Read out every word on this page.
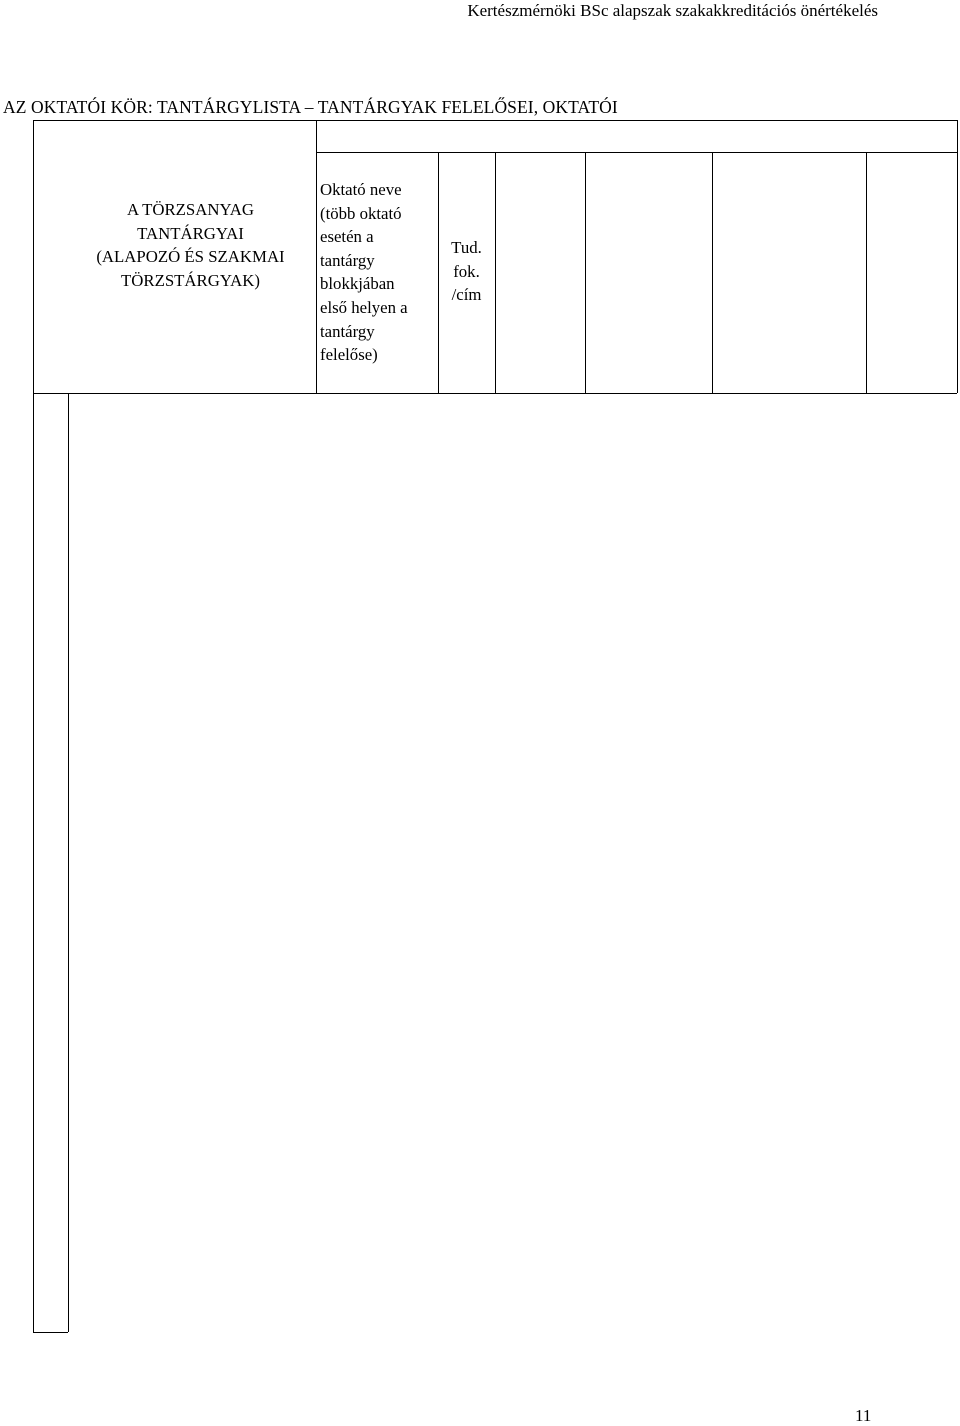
Kertészmérnöki BSc alapszak szakakkreditációs önértékelés
AZ OKTATÓI KÖR: TANTÁRGYLISTA – TANTÁRGYAK FELELŐSEI, OKTATÓI
11
A TÖRZSANYAG
TANTÁRGYAI
(ALAPOZÓ ÉS SZAKMAI
TÖRZSTÁRGYAK)
Oktató neve
(több oktató
esetén a
tantárgy
blokkjában
első helyen a
tantárgy
felelőse)
Tud.
fok.
/cím
